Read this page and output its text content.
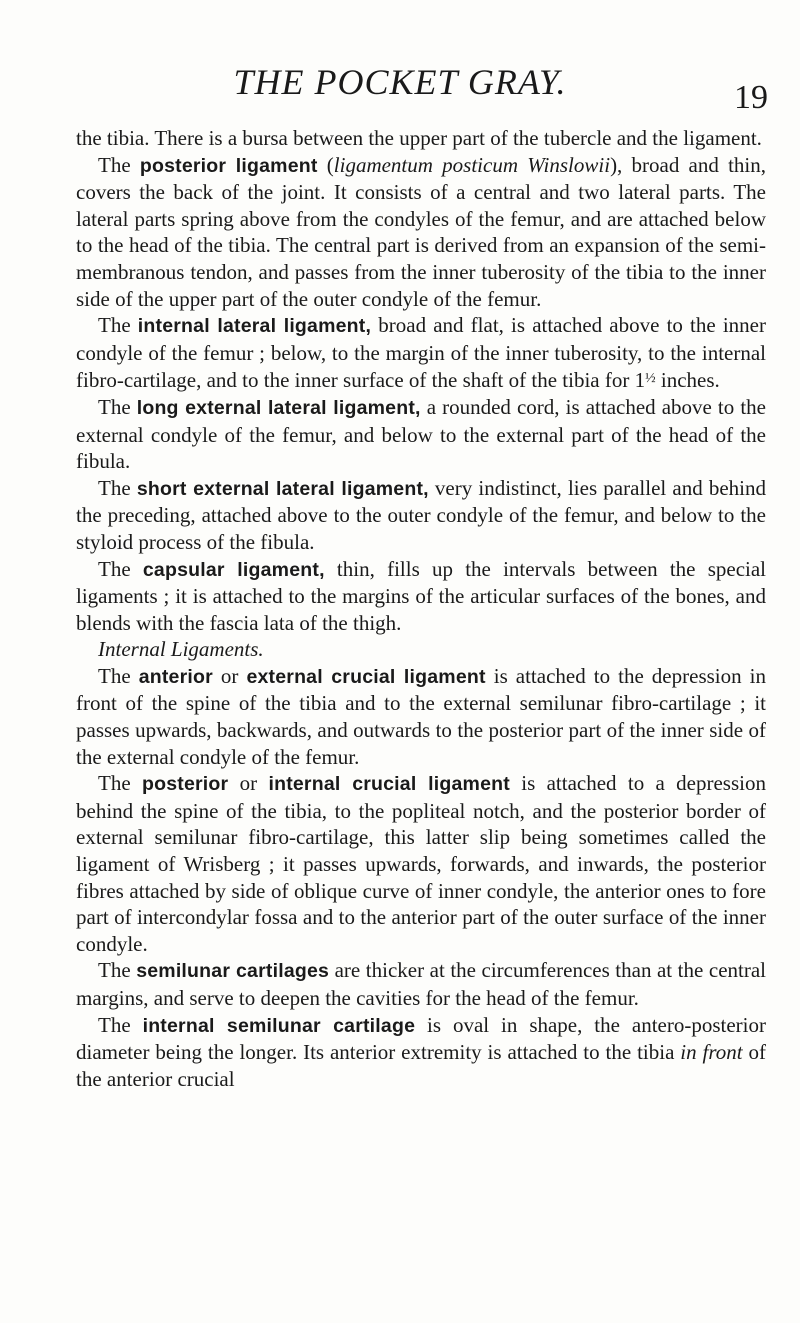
THE POCKET GRAY.	19

the tibia. There is a bursa between the upper part of the tubercle and the ligament.

The posterior ligament (ligamentum posticum Winslowii), broad and thin, covers the back of the joint. It consists of a central and two lateral parts. The lateral parts spring above from the condyles of the femur, and are attached below to the head of the tibia. The central part is derived from an expansion of the semi-membranous tendon, and passes from the inner tuberosity of the tibia to the inner side of the upper part of the outer condyle of the femur.

The internal lateral ligament, broad and flat, is attached above to the inner condyle of the femur ; below, to the margin of the inner tuberosity, to the internal fibro-cartilage, and to the inner surface of the shaft of the tibia for $1^{\frac{1}{2}}$ inches.

The long external lateral ligament, a rounded cord, is attached above to the external condyle of the femur, and below to the external part of the head of the fibula.

The short external lateral ligament, very indistinct, lies parallel and behind the preceding, attached above to the outer condyle of the femur, and below to the styloid process of the fibula.

The capsular ligament, thin, fills up the intervals between the special ligaments ; it is attached to the margins of the articular surfaces of the bones, and blends with the fascia lata of the thigh.

Internal Ligaments.

The anterior or external crucial ligament is attached to the depression in front of the spine of the tibia and to the external semilunar fibro-cartilage ; it passes upwards, backwards, and outwards to the posterior part of the inner side of the external condyle of the femur.

The posterior or internal crucial ligament is attached to a depression behind the spine of the tibia, to the popliteal notch, and the posterior border of external semilunar fibro-cartilage, this latter slip being sometimes called the ligament of Wrisberg ; it passes upwards, forwards, and inwards, the posterior fibres attached by side of oblique curve of inner condyle, the anterior ones to fore part of intercondylar fossa and to the anterior part of the outer surface of the inner condyle.

The semilunar cartilages are thicker at the circumferences than at the central margins, and serve to deepen the cavities for the head of the femur.

The internal semilunar cartilage is oval in shape, the antero-posterior diameter being the longer. Its anterior extremity is attached to the tibia in front of the anterior crucial
